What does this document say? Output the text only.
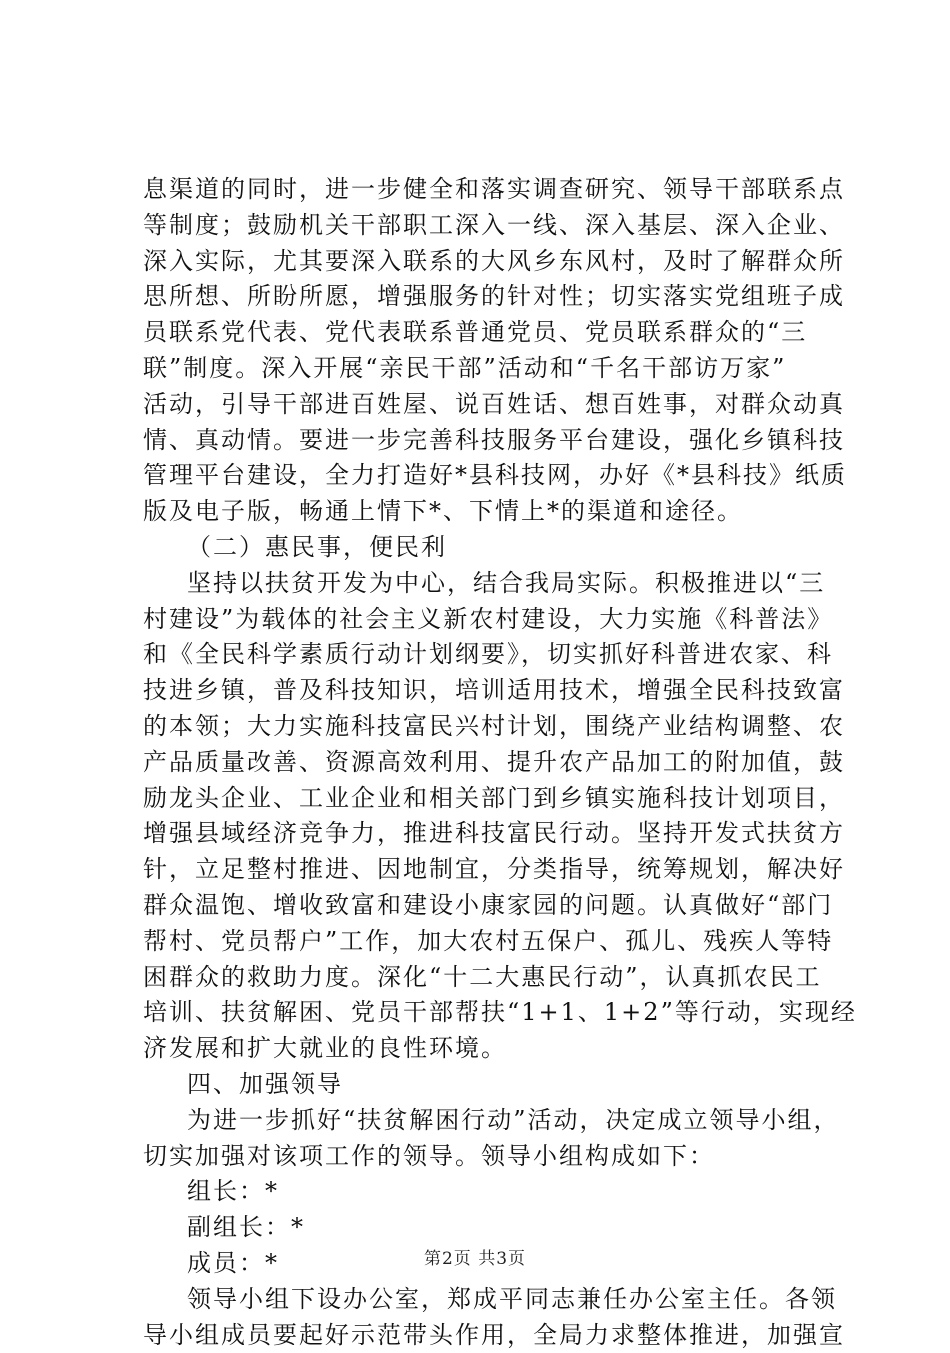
息渠道的同时，进一步健全和落实调查研究、领导干部联系点
等制度；鼓励机关干部职工深入一线、深入基层、深入企业、
深入实际，尤其要深入联系的大风乡东风村，及时了解群众所
思所想、所盼所愿，增强服务的针对性；切实落实党组班子成
员联系党代表、党代表联系普通党员、党员联系群众的“三
联”制度。深入开展“亲民干部”活动和“千名干部访万家”
活动，引导干部进百姓屋、说百姓话、想百姓事，对群众动真
情、真动情。要进一步完善科技服务平台建设，强化乡镇科技
管理平台建设，全力打造好*县科技网，办好《*县科技》纸质
版及电子版，畅通上情下*、下情上*的渠道和途径。
（二）惠民事，便民利
坚持以扶贫开发为中心，结合我局实际。积极推进以“三
村建设”为载体的社会主义新农村建设，大力实施《科普法》
和《全民科学素质行动计划纲要》，切实抓好科普进农家、科
技进乡镇，普及科技知识，培训适用技术，增强全民科技致富
的本领；大力实施科技富民兴村计划，围绕产业结构调整、农
产品质量改善、资源高效利用、提升农产品加工的附加值，鼓
励龙头企业、工业企业和相关部门到乡镇实施科技计划项目，
增强县域经济竞争力，推进科技富民行动。坚持开发式扶贫方
针，立足整村推进、因地制宜，分类指导，统筹规划，解决好
群众温饱、增收致富和建设小康家园的问题。认真做好“部门
帮村、党员帮户”工作，加大农村五保户、孤儿、残疾人等特
困群众的救助力度。深化“十二大惠民行动”，认真抓农民工
培训、扶贫解困、党员干部帮扶“1+1、1+2”等行动，实现经
济发展和扩大就业的良性环境。
四、加强领导
为进一步抓好“扶贫解困行动”活动，决定成立领导小组，
切实加强对该项工作的领导。领导小组构成如下：
组长：*
副组长：*
成员：*
领导小组下设办公室，郑成平同志兼任办公室主任。各领
导小组成员要起好示范带头作用，全局力求整体推进，加强宣
第2页 共3页
